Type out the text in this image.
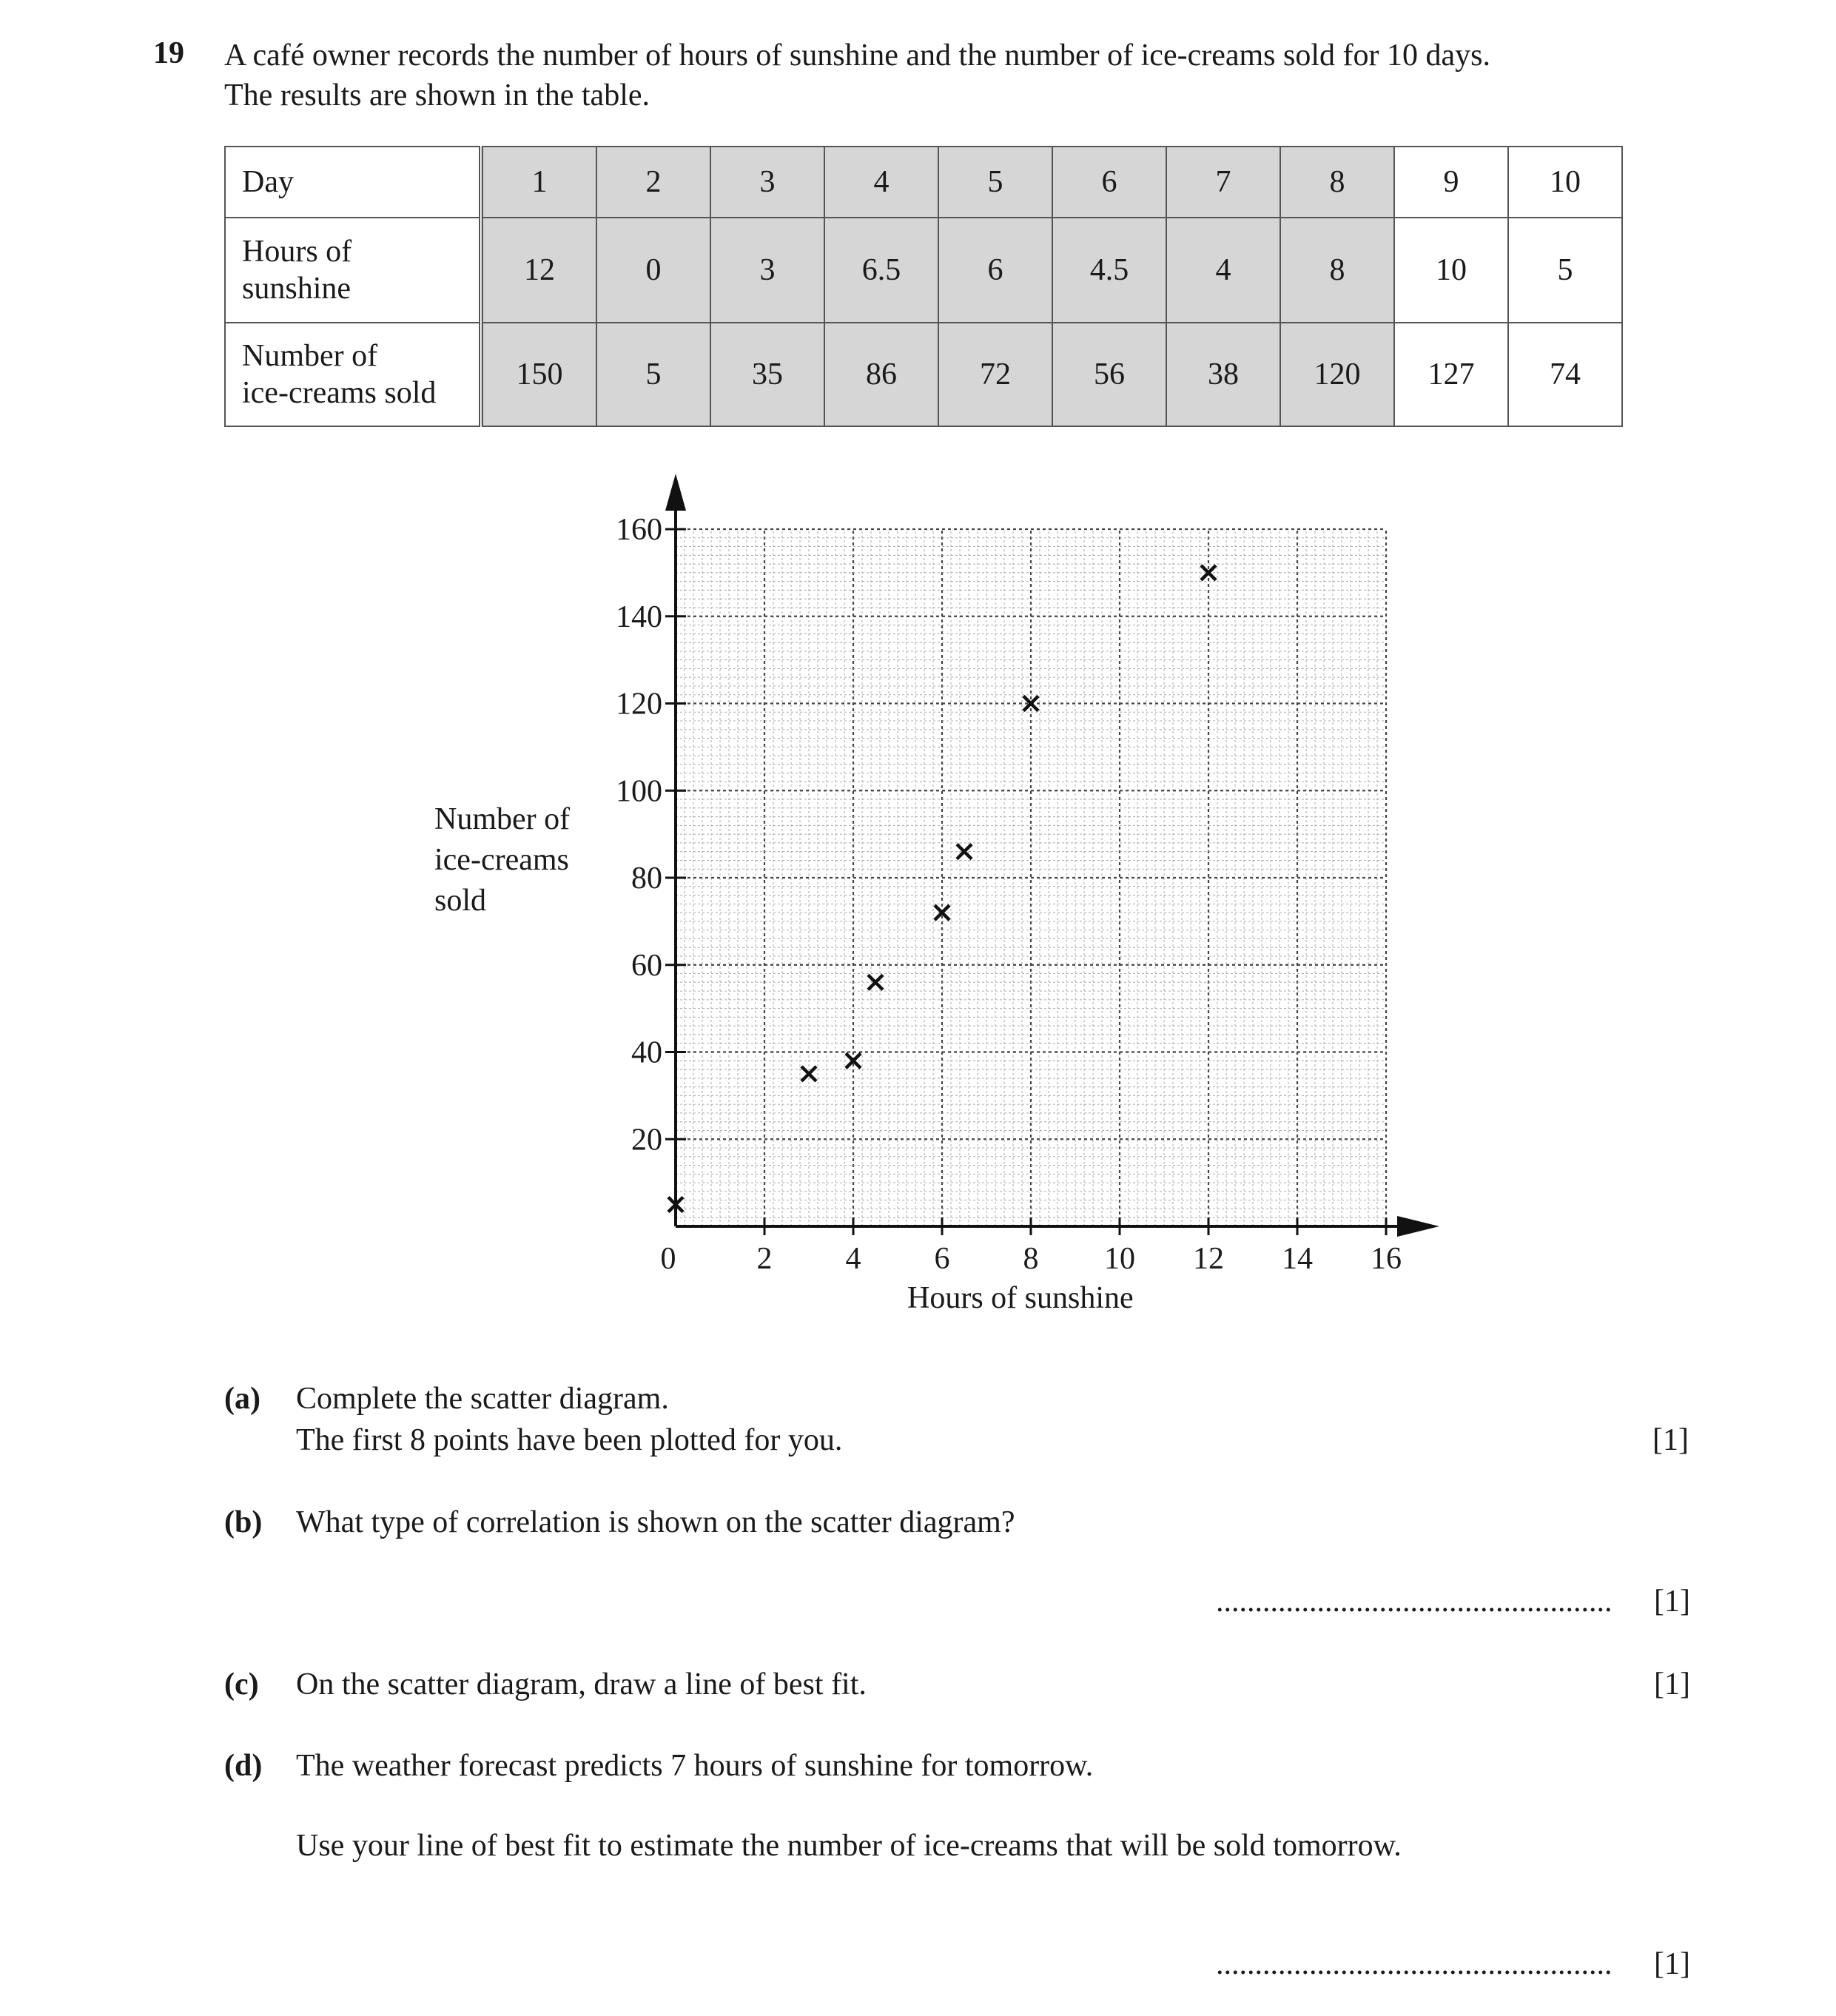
19 A café owner records the number of hours of sunshine and the number of ice-creams sold for 10 days.
The results are shown in the table.
Day	1	2	3	4	5	6	7	8	9	10

Hours of
sunshine	12	0	3	6.5	6	4.5	4	8	10	5

Number of
ice-creams sold	150	5	35	86	72	56	38	120	127	74
Number of
ice-creams
sold
20
40
60
80
100
120
140
160
0	2 4 6 8 10 12 14 16
Hours of sunshine
(a) Complete the scatter diagram.
The first 8 points have been plotted for you.	[1]
(b) What type of correlation is shown on the scatter diagram?
...................................................	[1]
(c) On the scatter diagram, draw a line of best fit.	[1]
(d) The weather forecast predicts 7 hours of sunshine for tomorrow.
Use your line of best fit to estimate the number of ice-creams that will be sold tomorrow.
...................................................	[1]
